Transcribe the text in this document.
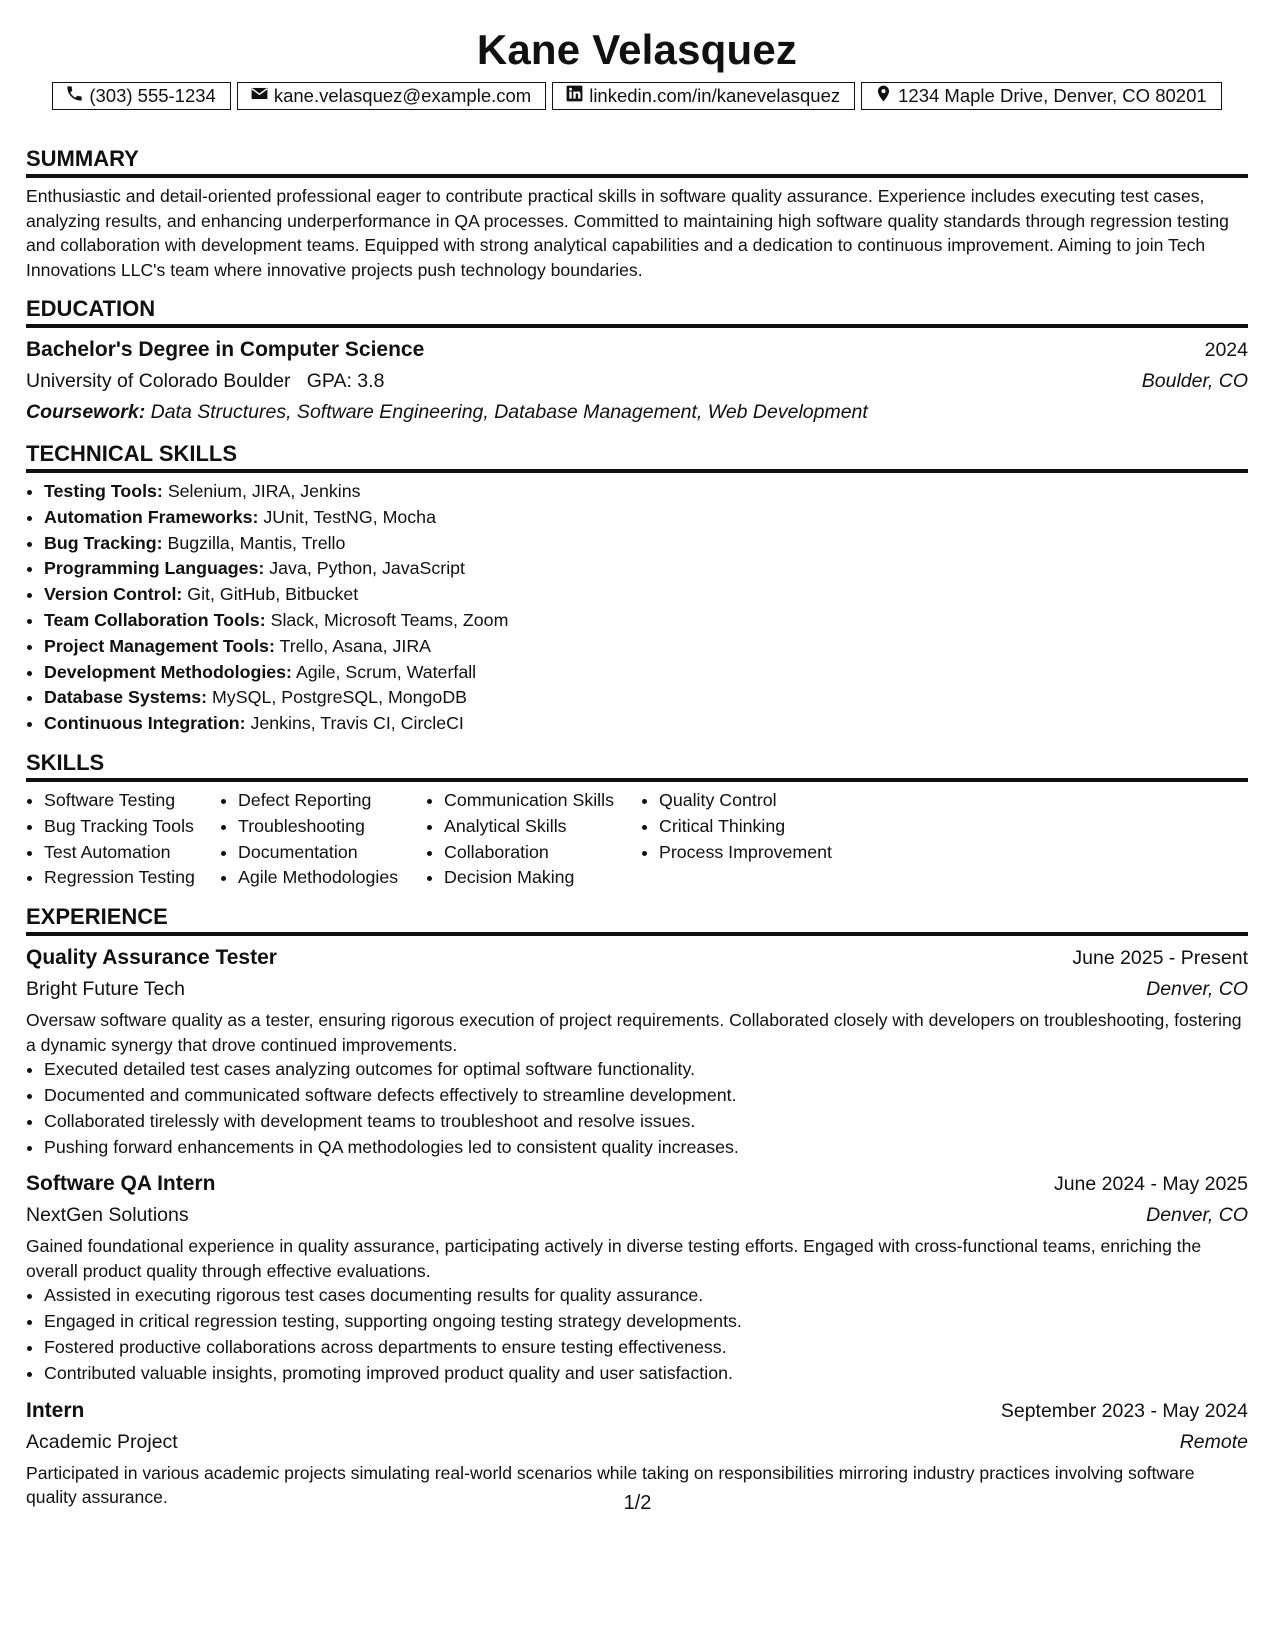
Kane Velasquez
(303) 555-1234	kane.velasquez@example.com	linkedin.com/in/kanevelasquez	1234 Maple Drive, Denver, CO 80201
SUMMARY

Enthusiastic and detail-oriented professional eager to contribute practical skills in software quality assurance. Experience includes executing test cases, analyzing results, and enhancing underperformance in QA processes. Committed to maintaining high software quality standards through regression testing and collaboration with development teams. Equipped with strong analytical capabilities and a dedication to continuous improvement. Aiming to join Tech Innovations LLC's team where innovative projects push technology boundaries.

EDUCATION
Bachelor's Degree in Computer Science	2024
University of Colorado Boulder GPA: 3.8	Boulder, CO
Coursework: Data Structures, Software Engineering, Database Management, Web Development
TECHNICAL SKILLS
• Testing Tools: Selenium, JIRA, Jenkins
• Automation Frameworks: JUnit, TestNG, Mocha
• Bug Tracking: Bugzilla, Mantis, Trello
• Programming Languages: Java, Python, JavaScript
• Version Control: Git, GitHub, Bitbucket
• Team Collaboration Tools: Slack, Microsoft Teams, Zoom
• Project Management Tools: Trello, Asana, JIRA
• Development Methodologies: Agile, Scrum, Waterfall
• Database Systems: MySQL, PostgreSQL, MongoDB
• Continuous Integration: Jenkins, Travis CI, CircleCI
SKILLS
• Software Testing
• Bug Tracking Tools
• Test Automation
• Regression Testing
• Defect Reporting
• Troubleshooting
• Documentation
• Agile Methodologies
• Communication Skills
• Analytical Skills
• Collaboration
• Decision Making
• Quality Control
• Critical Thinking
• Process Improvement
EXPERIENCE
Quality Assurance Tester	June 2025 - Present
Bright Future Tech	Denver, CO

Oversaw software quality as a tester, ensuring rigorous execution of project requirements. Collaborated closely with developers on troubleshooting, fostering a dynamic synergy that drove continued improvements.

• Executed detailed test cases analyzing outcomes for optimal software functionality.
• Documented and communicated software defects effectively to streamline development.
• Collaborated tirelessly with development teams to troubleshoot and resolve issues.
• Pushing forward enhancements in QA methodologies led to consistent quality increases.
Software QA Intern	June 2024 - May 2025
NextGen Solutions	Denver, CO

Gained foundational experience in quality assurance, participating actively in diverse testing efforts. Engaged with cross-functional teams, enriching the overall product quality through effective evaluations.

• Assisted in executing rigorous test cases documenting results for quality assurance.
• Engaged in critical regression testing, supporting ongoing testing strategy developments.
• Fostered productive collaborations across departments to ensure testing effectiveness.
• Contributed valuable insights, promoting improved product quality and user satisfaction.
Intern	September 2023 - May 2024
Academic Project	Remote

Participated in various academic projects simulating real-world scenarios while taking on responsibilities mirroring industry practices involving software quality assurance.	1/2
